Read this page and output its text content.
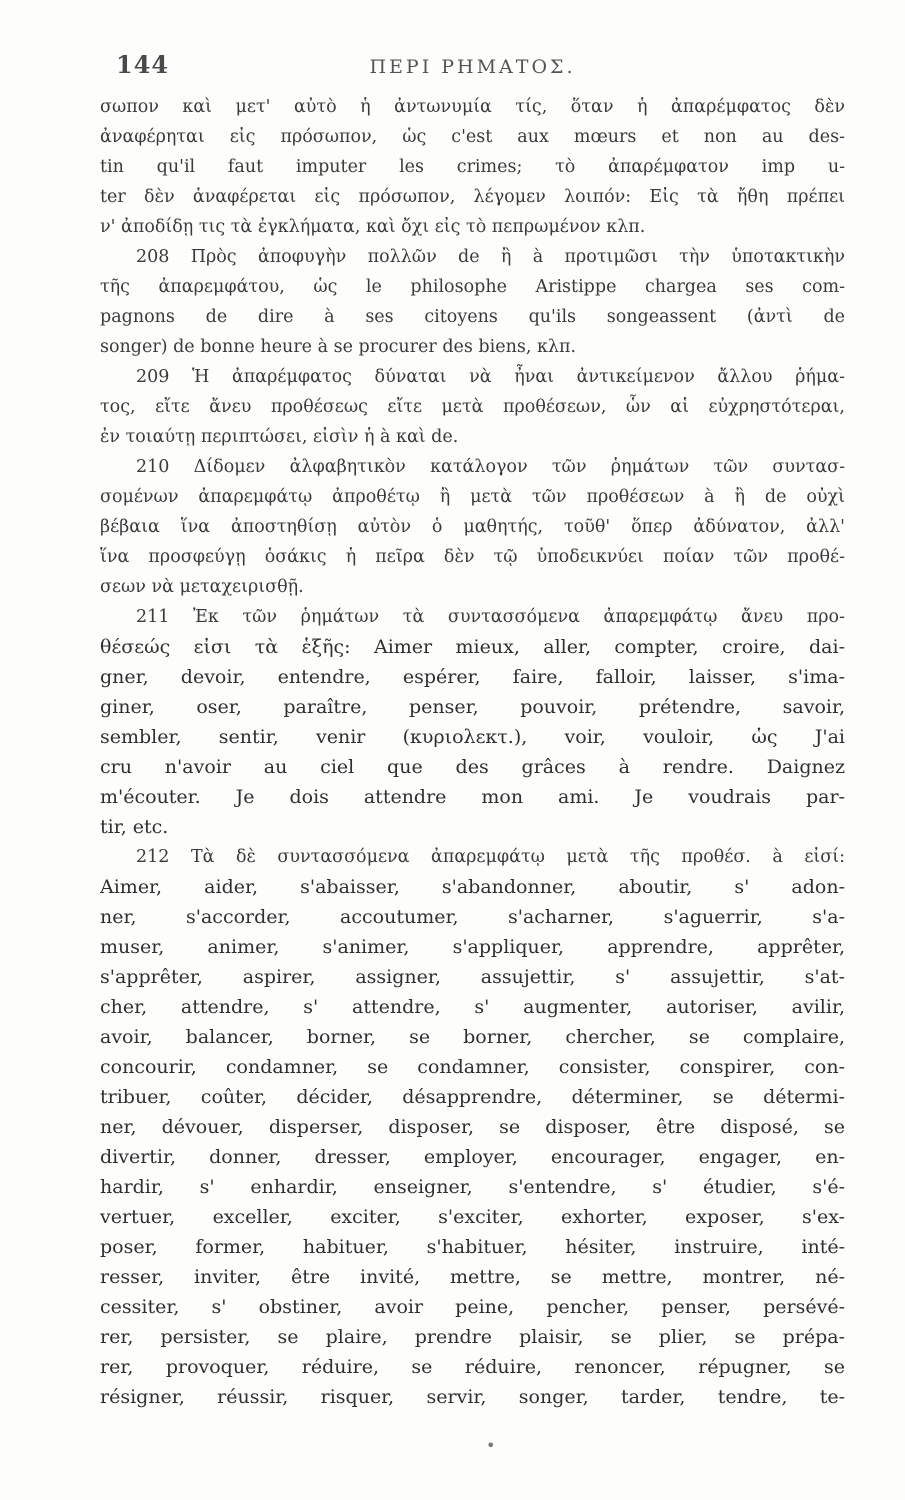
144	ΠΕΡΙ ΡΗΜΑΤΟΣ.
σωπον καὶ μετ' αὐτὸ ἡ ἀντωνυμία τίς, ὅταν ἡ ἀπαρέμφατος δὲν
ἀναφέρηται εἰς πρόσωπον, ὡς c'est aux mœurs et non au des-
tin qu'il faut imputer les crimes; τὸ ἀπαρέμφατον imp u-
ter δὲν ἀναφέρεται εἰς πρόσωπον, λέγομεν λοιπόν: Εἰς τὰ ἤθη πρέπει
ν' ἀποδίδῃ τις τὰ ἐγκλήματα, καὶ ὄχι εἰς τὸ πεπρωμένον κλπ.
208 Πρὸς ἀποφυγὴν πολλῶν de ἢ à προτιμῶσι τὴν ὑποτακτικὴν
τῆς ἀπαρεμφάτου, ὡς le philosophe Aristippe chargea ses com-
pagnons de dire à ses citoyens qu'ils songeassent (ἀντὶ de
songer) de bonne heure à se procurer des biens, κλπ.
209 Ἡ ἀπαρέμφατος δύναται νὰ ἦναι ἀντικείμενον ἄλλου ῥήμα-
τος, εἴτε ἄνευ προθέσεως εἴτε μετὰ προθέσεων, ὧν αἱ εὐχρηστότεραι,
ἐν τοιαύτῃ περιπτώσει, εἰσὶν ἡ à καὶ de.
210 Δίδομεν ἀλφαβητικὸν κατάλογον τῶν ῥημάτων τῶν συντασ-
σομένων ἀπαρεμφάτῳ ἀπροθέτῳ ἢ μετὰ τῶν προθέσεων à ἢ de οὐχὶ
βέβαια ἵνα ἀποστηθίσῃ αὐτὸν ὁ μαθητής, τοῦθ' ὅπερ ἀδύνατον, ἀλλ'
ἵνα προσφεύγῃ ὁσάκις ἡ πεῖρα δὲν τῷ ὑποδεικνύει ποίαν τῶν προθέ-
σεων νὰ μεταχειρισθῇ.
211 Ἐκ τῶν ῥημάτων τὰ συντασσόμενα ἀπαρεμφάτῳ ἄνευ προ-
θέσεώς εἰσι τὰ ἑξῆς: Aimer mieux, aller, compter, croire, dai-
gner, devoir, entendre, espérer, faire, falloir, laisser, s'ima-
giner, oser, paraître, penser, pouvoir, prétendre, savoir,
sembler, sentir, venir (κυριολεκτ.), voir, vouloir, ὡς J'ai
cru n'avoir au ciel que des grâces à rendre. Daignez
m'écouter. Je dois attendre mon ami. Je voudrais par-
tir, etc.
212 Τὰ δὲ συντασσόμενα ἀπαρεμφάτῳ μετὰ τῆς προθέσ. à εἰσί:
Aimer, aider, s'abaisser, s'abandonner, aboutir, s' adon-
ner, s'accorder, accoutumer, s'acharner, s'aguerrir, s'a-
muser, animer, s'animer, s'appliquer, apprendre, apprêter,
s'apprêter, aspirer, assigner, assujettir, s' assujettir, s'at-
cher, attendre, s' attendre, s' augmenter, autoriser, avilir,
avoir, balancer, borner, se borner, chercher, se complaire,
concourir, condamner, se condamner, consister, conspirer, con-
tribuer, coûter, décider, désapprendre, déterminer, se détermi-
ner, dévouer, disperser, disposer, se disposer, être disposé, se
divertir, donner, dresser, employer, encourager, engager, en-
hardir, s' enhardir, enseigner, s'entendre, s' étudier, s'é-
vertuer, exceller, exciter, s'exciter, exhorter, exposer, s'ex-
poser, former, habituer, s'habituer, hésiter, instruire, inté-
resser, inviter, être invité, mettre, se mettre, montrer, né-
cessiter, s' obstiner, avoir peine, pencher, penser, persévé-
rer, persister, se plaire, prendre plaisir, se plier, se prépa-
rer, provoquer, réduire, se réduire, renoncer, répugner, se
résigner, réussir, risquer, servir, songer, tarder, tendre, te-
•
